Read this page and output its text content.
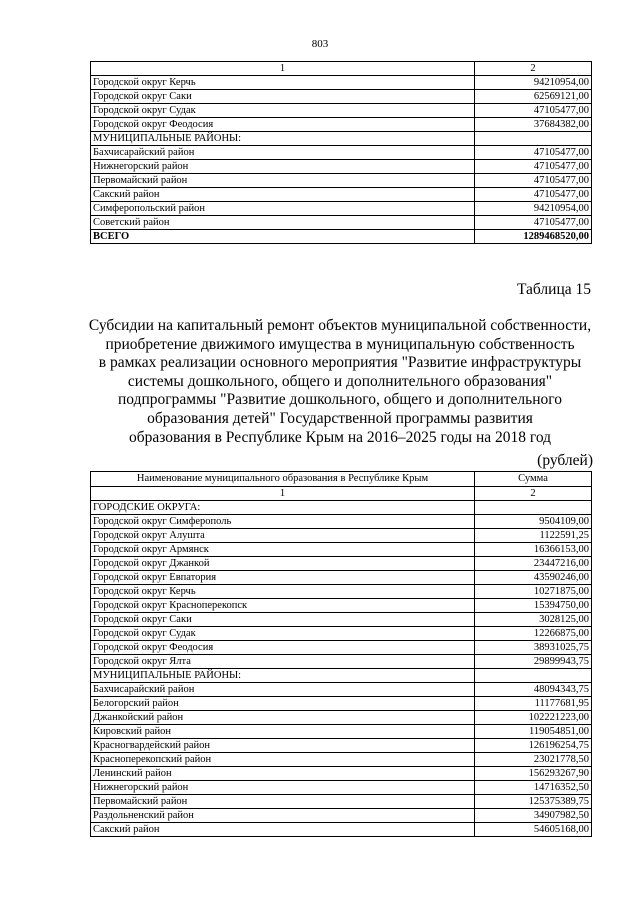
803
1	2
Городской округ Керчь	94210954,00
Городской округ Саки	62569121,00
Городской округ Судак	47105477,00
Городской округ Феодосия	37684382,00
МУНИЦИПАЛЬНЫЕ РАЙОНЫ:	
Бахчисарайский район	47105477,00
Нижнегорский район	47105477,00
Первомайский район	47105477,00
Сакский район	47105477,00
Симферопольский район	94210954,00
Советский район	47105477,00
ВСЕГО	1289468520,00
Таблица 15
Субсидии на капитальный ремонт объектов муниципальной собственности,
приобретение движимого имущества в муниципальную собственность
в рамках реализации основного мероприятия "Развитие инфраструктуры
системы дошкольного, общего и дополнительного образования"
подпрограммы "Развитие дошкольного, общего и дополнительного
образования детей" Государственной программы развития
образования в Республике Крым на 2016–2025 годы на 2018 год
(рублей)
Наименование муниципального образования в Республике Крым	Сумма
1	2
ГОРОДСКИЕ ОКРУГА:	
Городской округ Симферополь	9504109,00
Городской округ Алушта	1122591,25
Городской округ Армянск	16366153,00
Городской округ Джанкой	23447216,00
Городской округ Евпатория	43590246,00
Городской округ Керчь	10271875,00
Городской округ Красноперекопск	15394750,00
Городской округ Саки	3028125,00
Городской округ Судак	12266875,00
Городской округ Феодосия	38931025,75
Городской округ Ялта	29899943,75
МУНИЦИПАЛЬНЫЕ РАЙОНЫ:	
Бахчисарайский район	48094343,75
Белогорский район	11177681,95
Джанкойский район	102221223,00
Кировский район	119054851,00
Красногвардейский район	126196254,75
Красноперекопский район	23021778,50
Ленинский район	156293267,90
Нижнегорский район	14716352,50
Первомайский район	125375389,75
Раздольненский район	34907982,50
Сакский район	54605168,00
